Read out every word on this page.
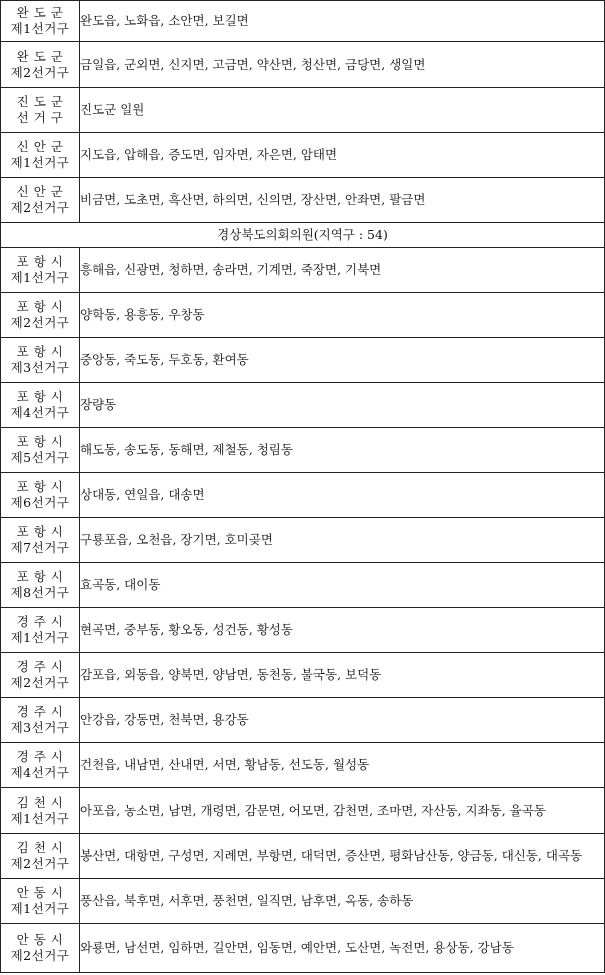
완 도 군
제1선거구	완도읍, 노화읍, 소안면, 보길면

완 도 군
제2선거구	금일읍, 군외면, 신지면, 고금면, 약산면, 청산면, 금당면, 생일면

진 도 군
선 거 구	진도군 일원

신 안 군
제1선거구	지도읍, 압해읍, 증도면, 임자면, 자은면, 암태면

신 안 군
제2선거구	비금면, 도초면, 흑산면, 하의면, 신의면, 장산면, 안좌면, 팔금면
경상북도의회의원(지역구 : 54)	

포 항 시
제1선거구	흥해읍, 신광면, 청하면, 송라면, 기계면, 죽장면, 기북면

포 항 시
제2선거구	양학동, 용흥동, 우창동

포 항 시
제3선거구	중앙동, 죽도동, 두호동, 환여동

포 항 시
제4선거구	장량동

포 항 시
제5선거구	해도동, 송도동, 동해면, 제철동, 청림동

포 항 시
제6선거구	상대동, 연일읍, 대송면

포 항 시
제7선거구	구룡포읍, 오천읍, 장기면, 호미곶면

포 항 시
제8선거구	효곡동, 대이동

경 주 시
제1선거구	현곡면, 중부동, 황오동, 성건동, 황성동

경 주 시
제2선거구	감포읍, 외동읍, 양북면, 양남면, 동천동, 불국동, 보덕동

경 주 시
제3선거구	안강읍, 강동면, 천북면, 용강동

경 주 시
제4선거구	건천읍, 내남면, 산내면, 서면, 황남동, 선도동, 월성동

김 천 시
제1선거구	아포읍, 농소면, 남면, 개령면, 감문면, 어모면, 감천면, 조마면, 자산동, 지좌동, 율곡동

김 천 시
제2선거구	봉산면, 대항면, 구성면, 지례면, 부항면, 대덕면, 증산면, 평화남산동, 양금동, 대신동, 대곡동

안 동 시
제1선거구	풍산읍, 북후면, 서후면, 풍천면, 일직면, 남후면, 옥동, 송하동

안 동 시
제2선거구	와룡면, 남선면, 임하면, 길안면, 임동면, 예안면, 도산면, 녹전면, 용상동, 강남동
